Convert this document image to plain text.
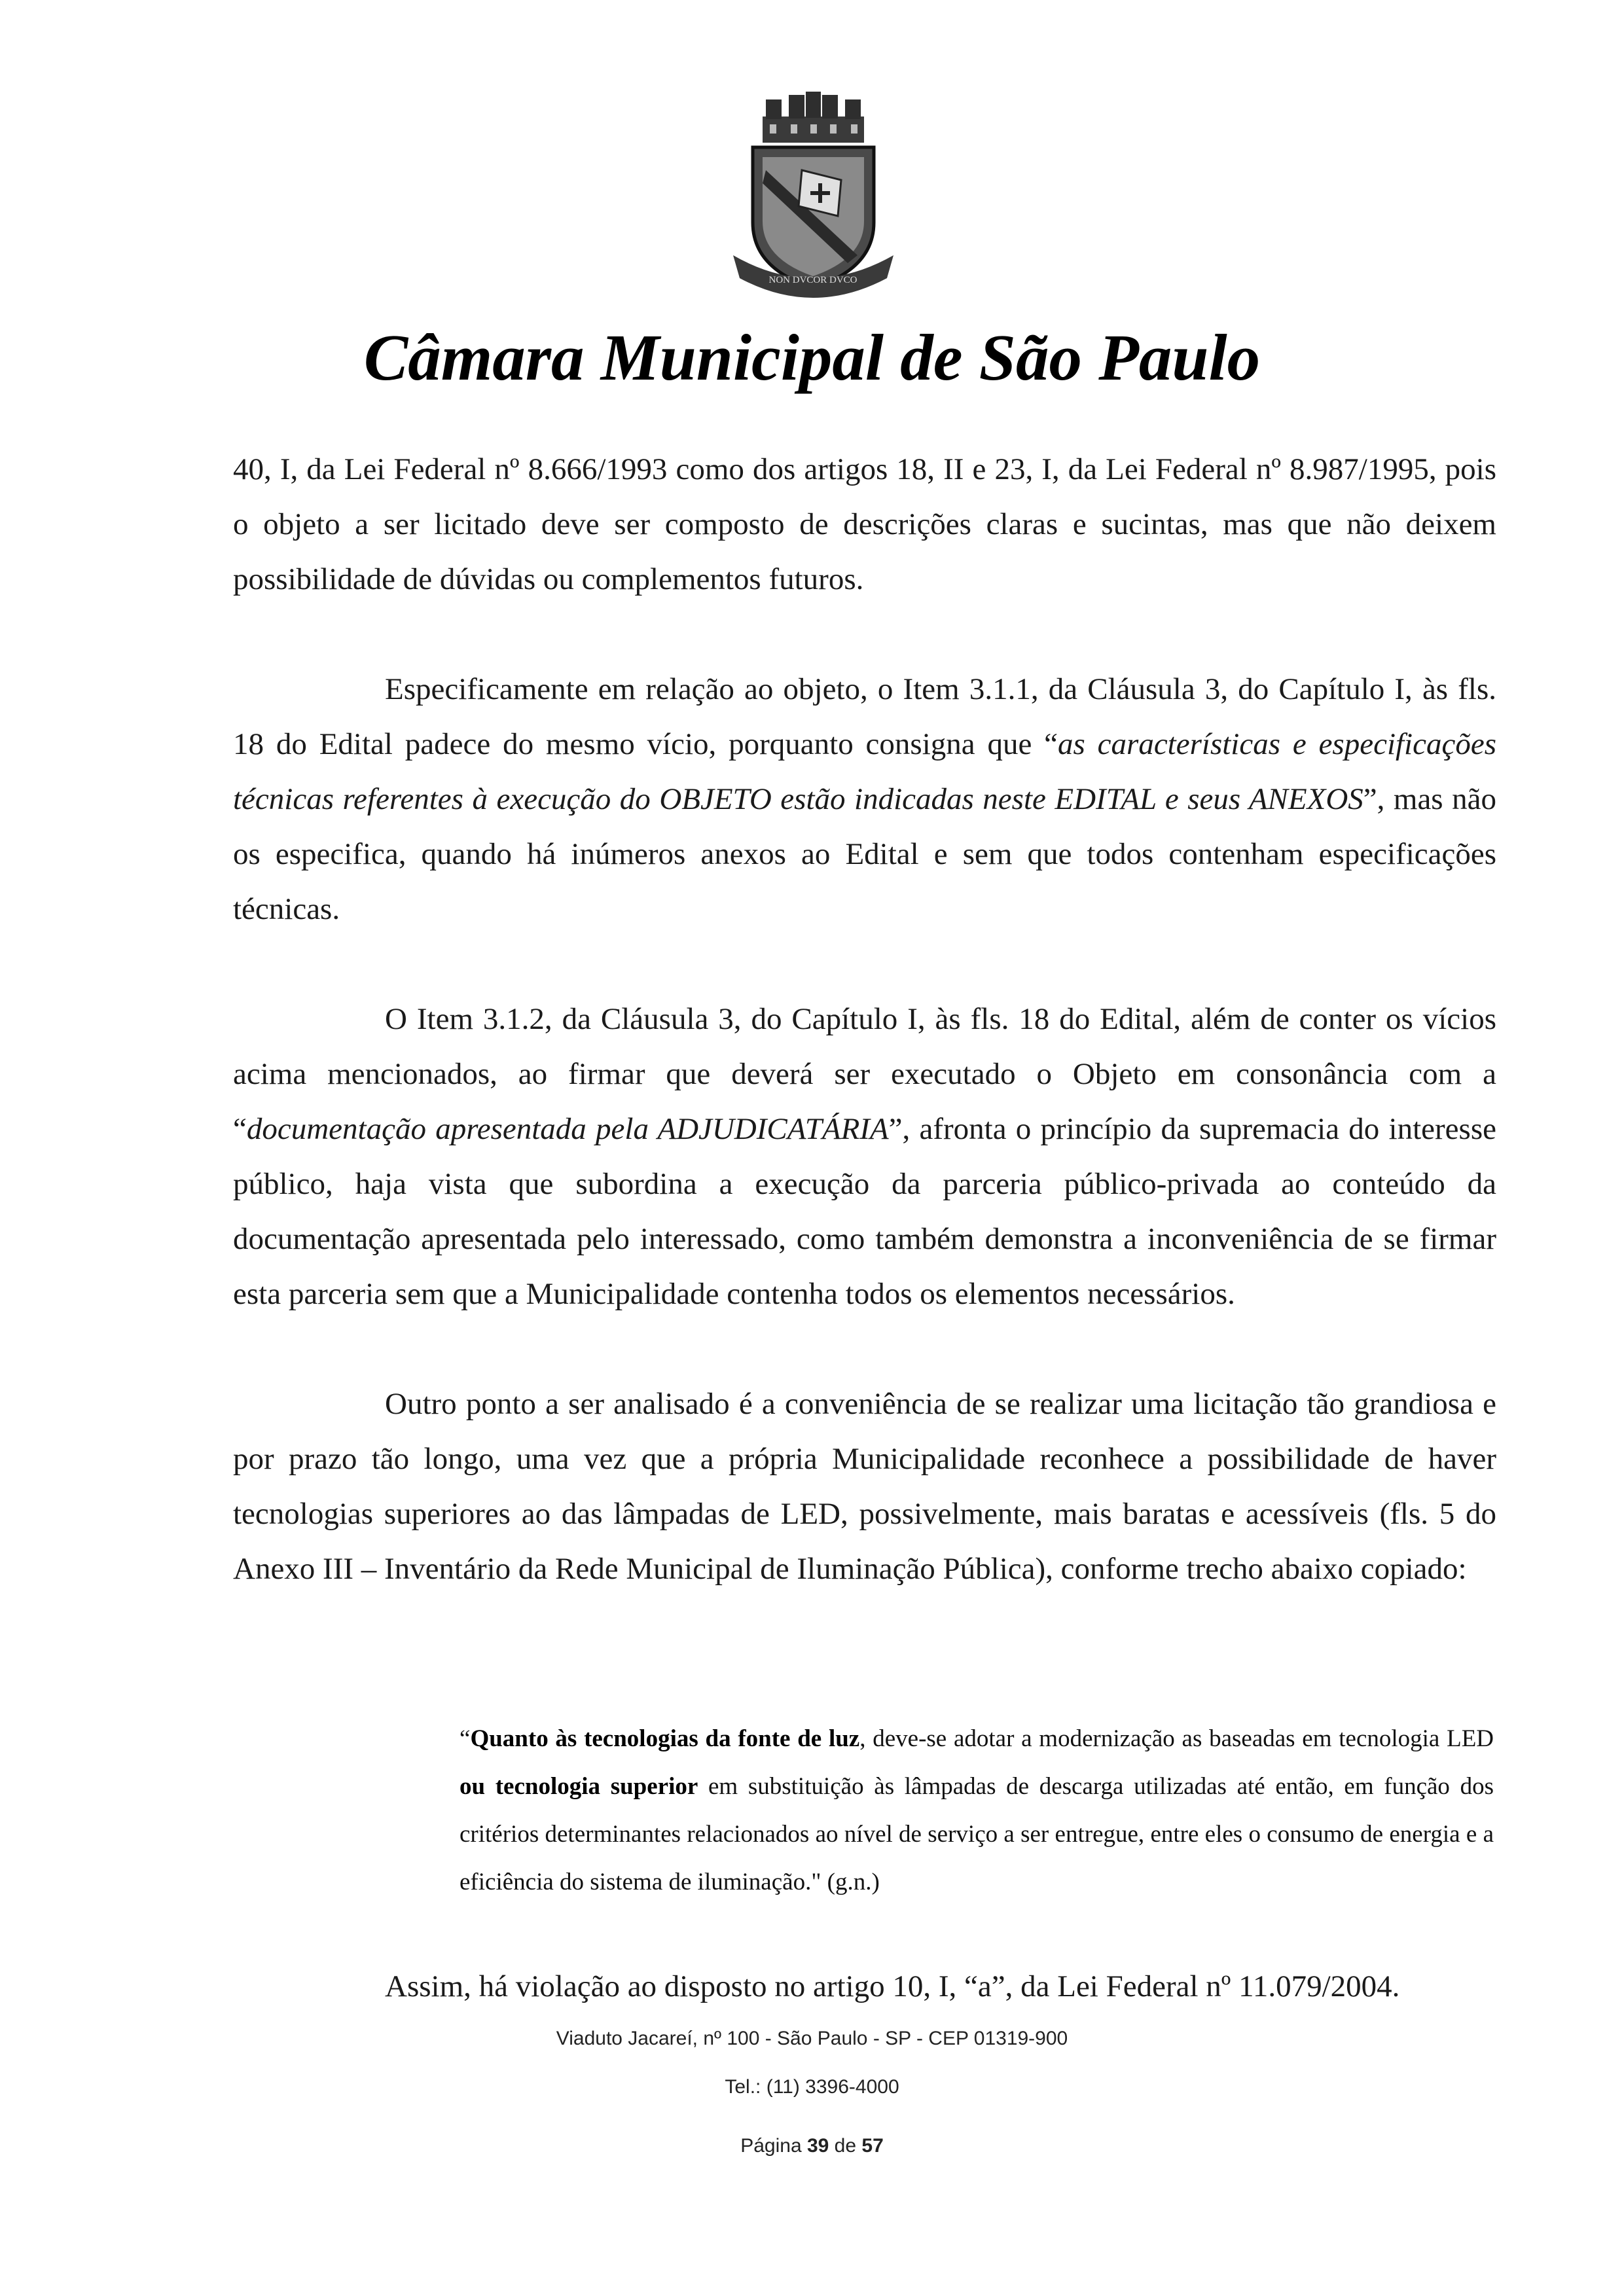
NON DVCOR DVCO
Câmara Municipal de São Paulo

40, I, da Lei Federal nº 8.666/1993 como dos artigos 18, II e 23, I, da Lei Federal nº 8.987/1995, pois o objeto a ser licitado deve ser composto de descrições claras e sucintas, mas que não deixem possibilidade de dúvidas ou complementos futuros.

Especificamente em relação ao objeto, o Item 3.1.1, da Cláusula 3, do Capítulo I, às fls. 18 do Edital padece do mesmo vício, porquanto consigna que “as características e especificações técnicas referentes à execução do OBJETO estão indicadas neste EDITAL e seus ANEXOS”, mas não os especifica, quando há inúmeros anexos ao Edital e sem que todos contenham especificações técnicas.

O Item 3.1.2, da Cláusula 3, do Capítulo I, às fls. 18 do Edital, além de conter os vícios acima mencionados, ao firmar que deverá ser executado o Objeto em consonância com a “documentação apresentada pela ADJUDICATÁRIA”, afronta o princípio da supremacia do interesse público, haja vista que subordina a execução da parceria público-privada ao conteúdo da documentação apresentada pelo interessado, como também demonstra a inconveniência de se firmar esta parceria sem que a Municipalidade contenha todos os elementos necessários.

Outro ponto a ser analisado é a conveniência de se realizar uma licitação tão grandiosa e por prazo tão longo, uma vez que a própria Municipalidade reconhece a possibilidade de haver tecnologias superiores ao das lâmpadas de LED, possivelmente, mais baratas e acessíveis (fls. 5 do Anexo III – Inventário da Rede Municipal de Iluminação Pública), conforme trecho abaixo copiado:

“Quanto às tecnologias da fonte de luz, deve-se adotar a modernização as baseadas em tecnologia LED ou tecnologia superior em substituição às lâmpadas de descarga utilizadas até então, em função dos critérios determinantes relacionados ao nível de serviço a ser entregue, entre eles o consumo de energia e a eficiência do sistema de iluminação." (g.n.)
Assim, há violação ao disposto no artigo 10, I, “a”, da Lei Federal nº 11.079/2004.
Viaduto Jacareí, nº 100 - São Paulo - SP - CEP 01319-900
Tel.: (11) 3396-4000
Página 39 de 57
